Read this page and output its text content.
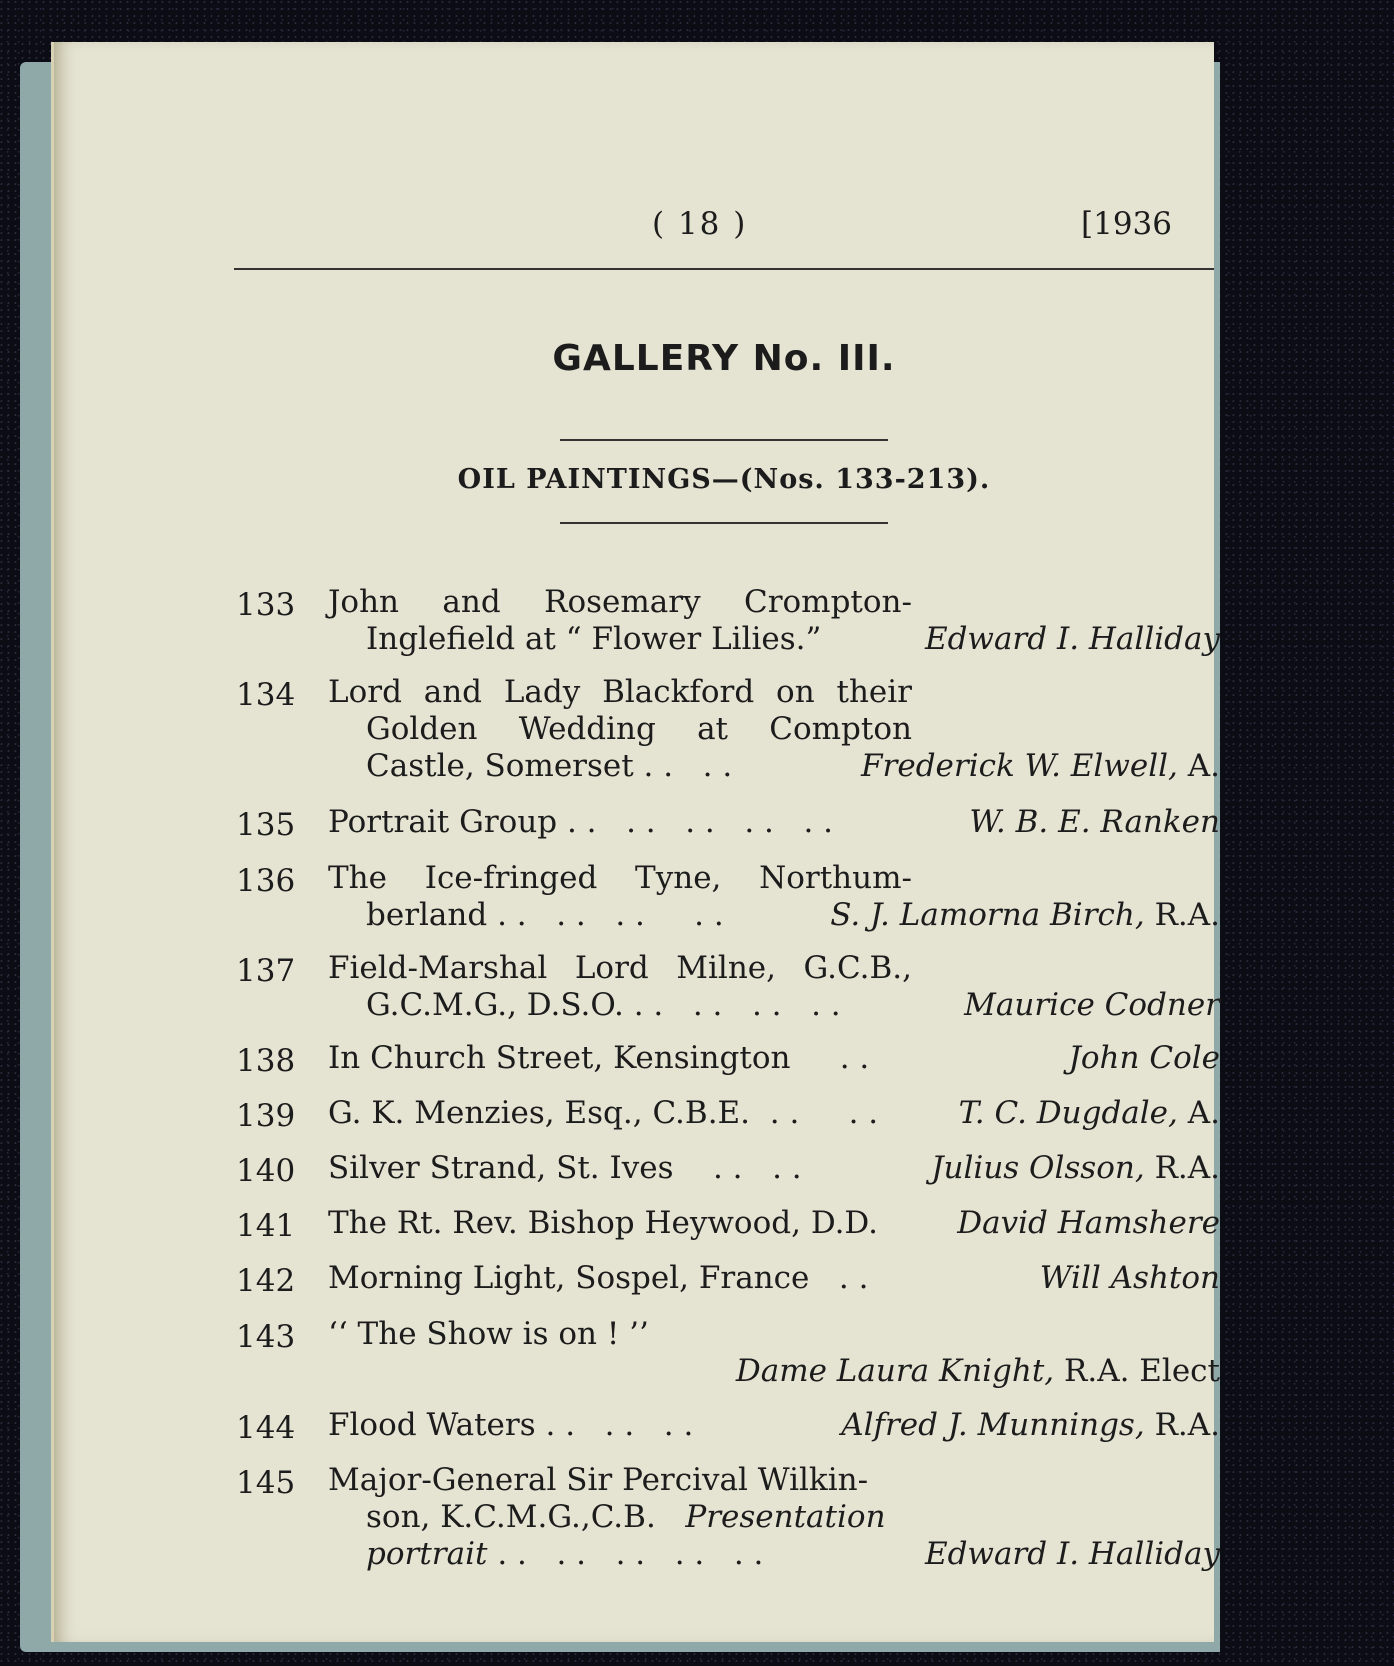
( 18 )	[1936
GALLERY No. III.
OIL PAINTINGS—(Nos. 133-213).
133 John and Rosemary Crompton-
Inglefield at “ Flower Lilies.”	Edward I. Halliday
134 Lord and Lady Blackford on their
Golden Wedding at Compton
Castle, Somerset . .   . .	Frederick W. Elwell, A.
135 Portrait Group . .   . .   . .   . .   . .	W. B. E. Ranken
136 The Ice-fringed Tyne, Northum-
berland . .   . .   . .     . .	S. J. Lamorna Birch, R.A.
137 Field-Marshal Lord Milne, G.C.B.,
G.C.M.G., D.S.O. . .   . .   . .   . .	Maurice Codner
138 In Church Street, Kensington     . .	John Cole
139 G. K. Menzies, Esq., C.B.E.  . .     . .	T. C. Dugdale, A.
140 Silver Strand, St. Ives    . .   . .	Julius Olsson, R.A.
141 The Rt. Rev. Bishop Heywood, D.D.	David Hamshere
142 Morning Light, Sospel, France   . .	Will Ashton
143 ‘‘ The Show is on ! ’’
Dame Laura Knight, R.A. Elect
144 Flood Waters . .   . .   . .	Alfred J. Munnings, R.A.
145 Major-General Sir Percival Wilkin-
son, K.C.M.G.,C.B. Presentation
portrait . .   . .   . .   . .   . .	Edward I. Halliday
